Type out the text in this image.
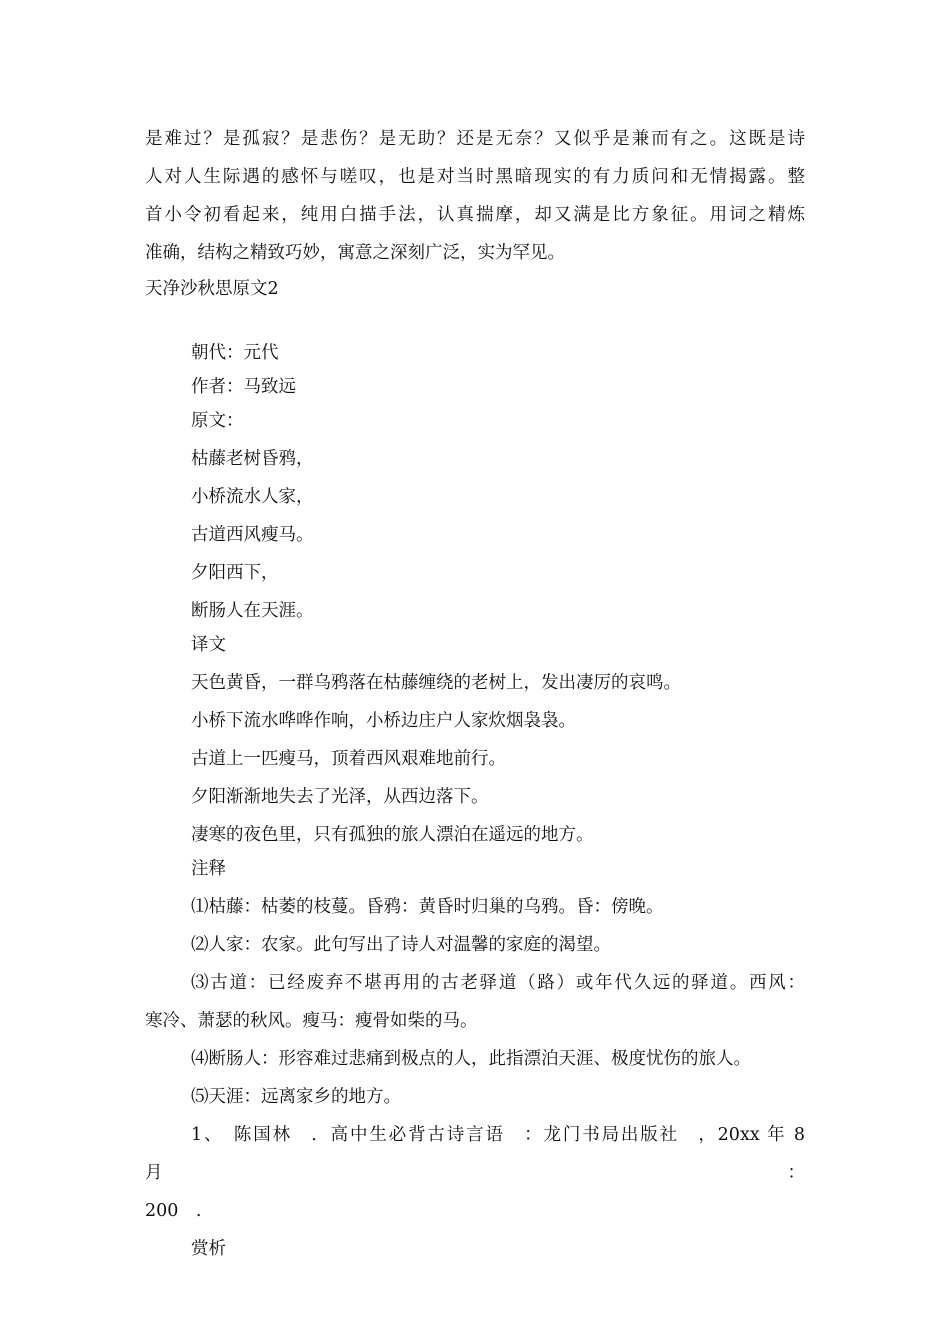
是难过？是孤寂？是悲伤？是无助？还是无奈？又似乎是兼而有之。这既是诗

人对人生际遇的感怀与嗟叹，也是对当时黑暗现实的有力质问和无情揭露。整

首小令初看起来，纯用白描手法，认真揣摩，却又满是比方象征。用词之精炼

准确，结构之精致巧妙，寓意之深刻广泛，实为罕见。

天净沙秋思原文2

朝代：元代

作者：马致远

原文：

枯藤老树昏鸦，

小桥流水人家，

古道西风瘦马。

夕阳西下，

断肠人在天涯。

译文

天色黄昏，一群乌鸦落在枯藤缠绕的老树上，发出凄厉的哀鸣。

小桥下流水哗哗作响，小桥边庄户人家炊烟袅袅。

古道上一匹瘦马，顶着西风艰难地前行。

夕阳渐渐地失去了光泽，从西边落下。

凄寒的夜色里，只有孤独的旅人漂泊在遥远的地方。

注释

⑴枯藤：枯萎的枝蔓。昏鸦：黄昏时归巢的乌鸦。昏：傍晚。

⑵人家：农家。此句写出了诗人对温馨的家庭的渴望。

⑶古道：已经废弃不堪再用的古老驿道（路）或年代久远的驿道。西风：

寒冷、萧瑟的秋风。瘦马：瘦骨如柴的马。

⑷断肠人：形容难过悲痛到极点的人，此指漂泊天涯、极度忧伤的旅人。

⑸天涯：远离家乡的地方。

1、　陈国林　．高中生必背古诗言语　：龙门书局出版社　，20xx 年 8 月　：

200　.

赏析
